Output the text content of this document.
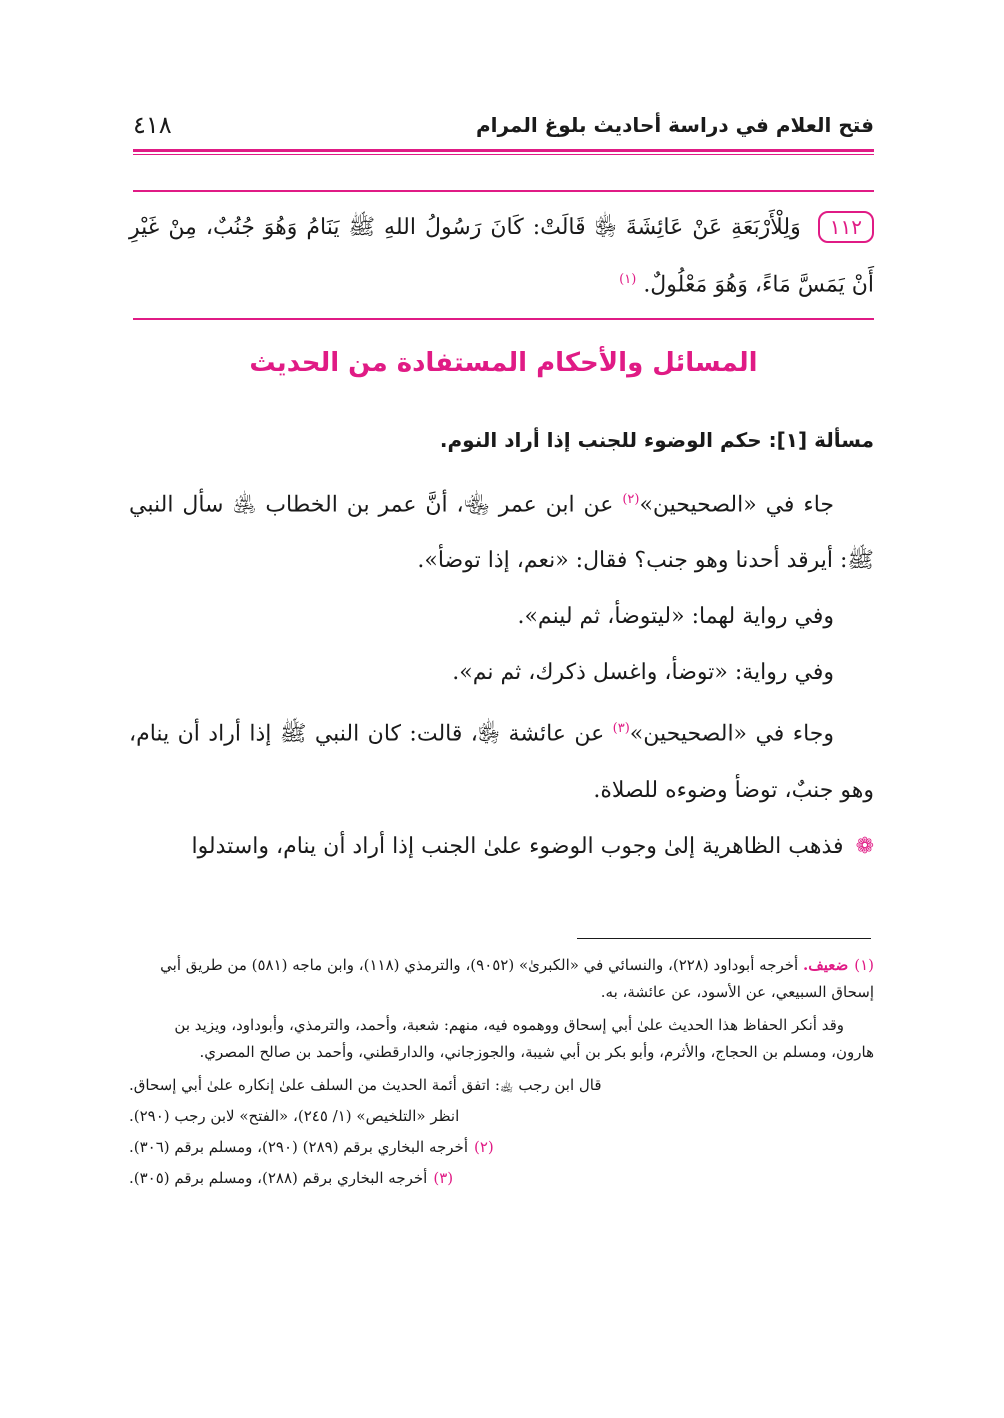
فتح العلام في دراسة أحاديث بلوغ المرام
٤١٨
١١٢ وَلِلْأَرْبَعَةِ عَنْ عَائِشَةَ ﵂ قَالَتْ: كَانَ رَسُولُ اللهِ ﷺ يَنَامُ وَهُوَ جُنُبٌ، مِنْ غَيْرِ أَنْ يَمَسَّ مَاءً، وَهُوَ مَعْلُولٌ. $^{(١)}$
المسائل والأحكام المستفادة من الحديث
مسألة [١]: حكم الوضوء للجنب إذا أراد النوم.

جاء في «الصحيحين»$^{(٢)}$ عن ابن عمر ﵄، أنَّ عمر بن الخطاب ﵁ سأل النبي ﷺ: أيرقد أحدنا وهو جنب؟ فقال: «نعم، إذا توضأ».

وفي رواية لهما: «ليتوضأ، ثم لينم».

وفي رواية: «توضأ، واغسل ذكرك، ثم نم».

وجاء في «الصحيحين»$^{(٣)}$ عن عائشة ﵂، قالت: كان النبي ﷺ إذا أراد أن ينام، وهو جنبٌ، توضأ وضوءه للصلاة.

❁فذهب الظاهرية إلىٰ وجوب الوضوء علىٰ الجنب إذا أراد أن ينام، واستدلوا

(١)ضعيف. أخرجه أبوداود (٢٢٨)، والنسائي في «الكبرىٰ» (٩٠٥٢)، والترمذي (١١٨)، وابن ماجه (٥٨١) من طريق أبي إسحاق السبيعي، عن الأسود، عن عائشة، به.

وقد أنكر الحفاظ هذا الحديث علىٰ أبي إسحاق ووهموه فيه، منهم: شعبة، وأحمد، والترمذي، وأبوداود، ويزيد بن هارون، ومسلم بن الحجاج، والأثرم، وأبو بكر بن أبي شيبة، والجوزجاني، والدارقطني، وأحمد بن صالح المصري.

قال ابن رجب ﵀: اتفق أئمة الحديث من السلف علىٰ إنكاره علىٰ أبي إسحاق.

انظر «التلخيص» (١/ ٢٤٥)، «الفتح» لابن رجب (٢٩٠).

(٢)أخرجه البخاري برقم (٢٨٩) (٢٩٠)، ومسلم برقم (٣٠٦).

(٣)أخرجه البخاري برقم (٢٨٨)، ومسلم برقم (٣٠٥).
